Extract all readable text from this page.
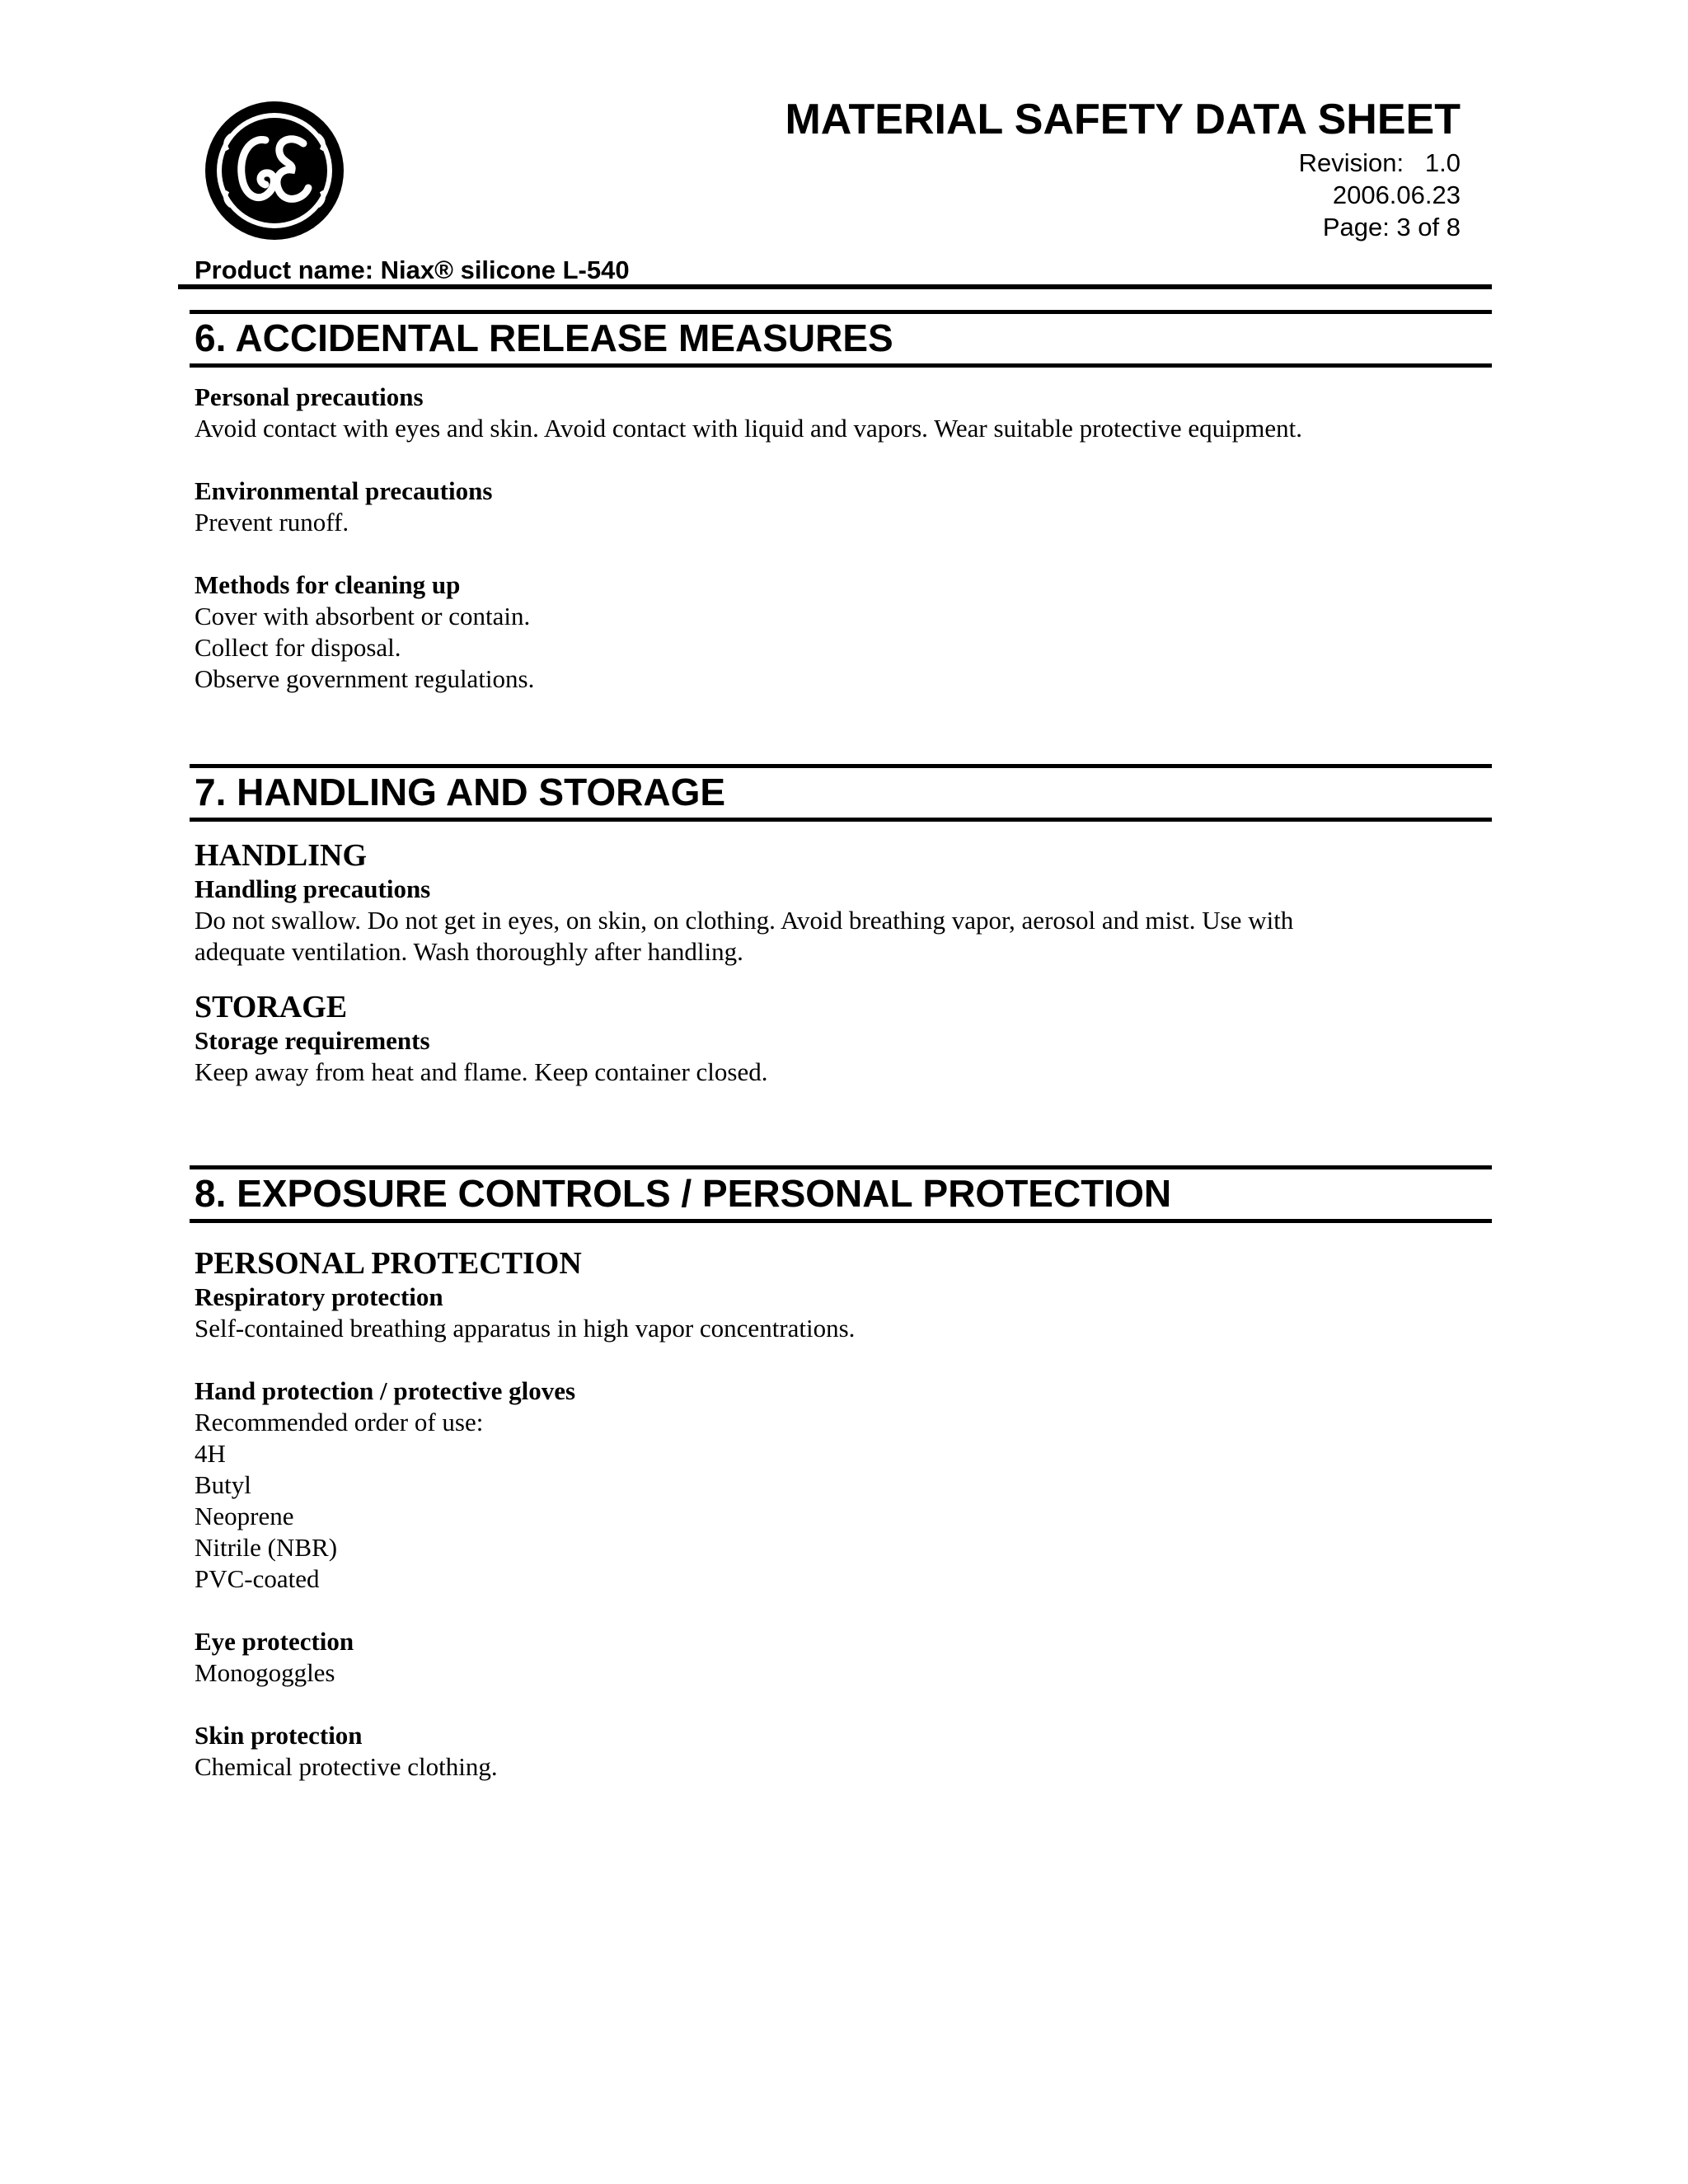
MATERIAL SAFETY DATA SHEET
Revision:   1.0
2006.06.23
Page: 3 of 8
Product name: Niax® silicone L-540
6. ACCIDENTAL RELEASE MEASURES

Personal precautions

Avoid contact with eyes and skin. Avoid contact with liquid and vapors. Wear suitable protective equipment.

Environmental precautions

Prevent runoff.

Methods for cleaning up

Cover with absorbent or contain.

Collect for disposal.

Observe government regulations.

7. HANDLING AND STORAGE

HANDLING

Handling precautions

Do not swallow. Do not get in eyes, on skin, on clothing. Avoid breathing vapor, aerosol and mist. Use with

adequate ventilation. Wash thoroughly after handling.

STORAGE

Storage requirements

Keep away from heat and flame. Keep container closed.

8. EXPOSURE CONTROLS / PERSONAL PROTECTION

PERSONAL PROTECTION

Respiratory protection

Self-contained breathing apparatus in high vapor concentrations.

Hand protection / protective gloves

Recommended order of use:

4H

Butyl

Neoprene

Nitrile (NBR)

PVC-coated

Eye protection

Monogoggles

Skin protection

Chemical protective clothing.
